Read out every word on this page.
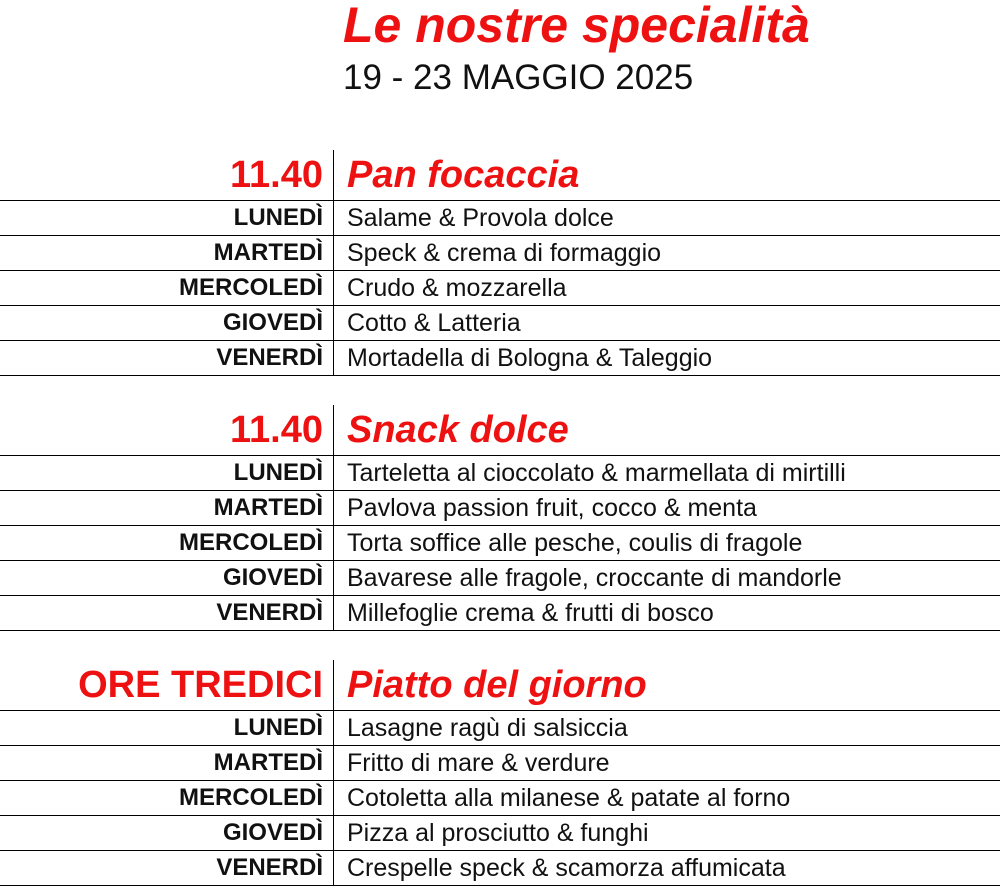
Le nostre specialità
19 - 23 MAGGIO 2025
11.40 Pan focaccia
LUNEDÌ Salame & Provola dolce
MARTEDÌ Speck & crema di formaggio
MERCOLEDÌ Crudo & mozzarella
GIOVEDÌ Cotto & Latteria
VENERDÌ Mortadella di Bologna & Taleggio
11.40 Snack dolce
LUNEDÌ Tarteletta al cioccolato & marmellata di mirtilli
MARTEDÌ Pavlova passion fruit, cocco & menta
MERCOLEDÌ Torta soffice alle pesche, coulis di fragole
GIOVEDÌ Bavarese alle fragole, croccante di mandorle
VENERDÌ Millefoglie crema & frutti di bosco
ORE TREDICI Piatto del giorno
LUNEDÌ Lasagne ragù di salsiccia
MARTEDÌ Fritto di mare & verdure
MERCOLEDÌ Cotoletta alla milanese & patate al forno
GIOVEDÌ Pizza al prosciutto & funghi
VENERDÌ Crespelle speck & scamorza affumicata
